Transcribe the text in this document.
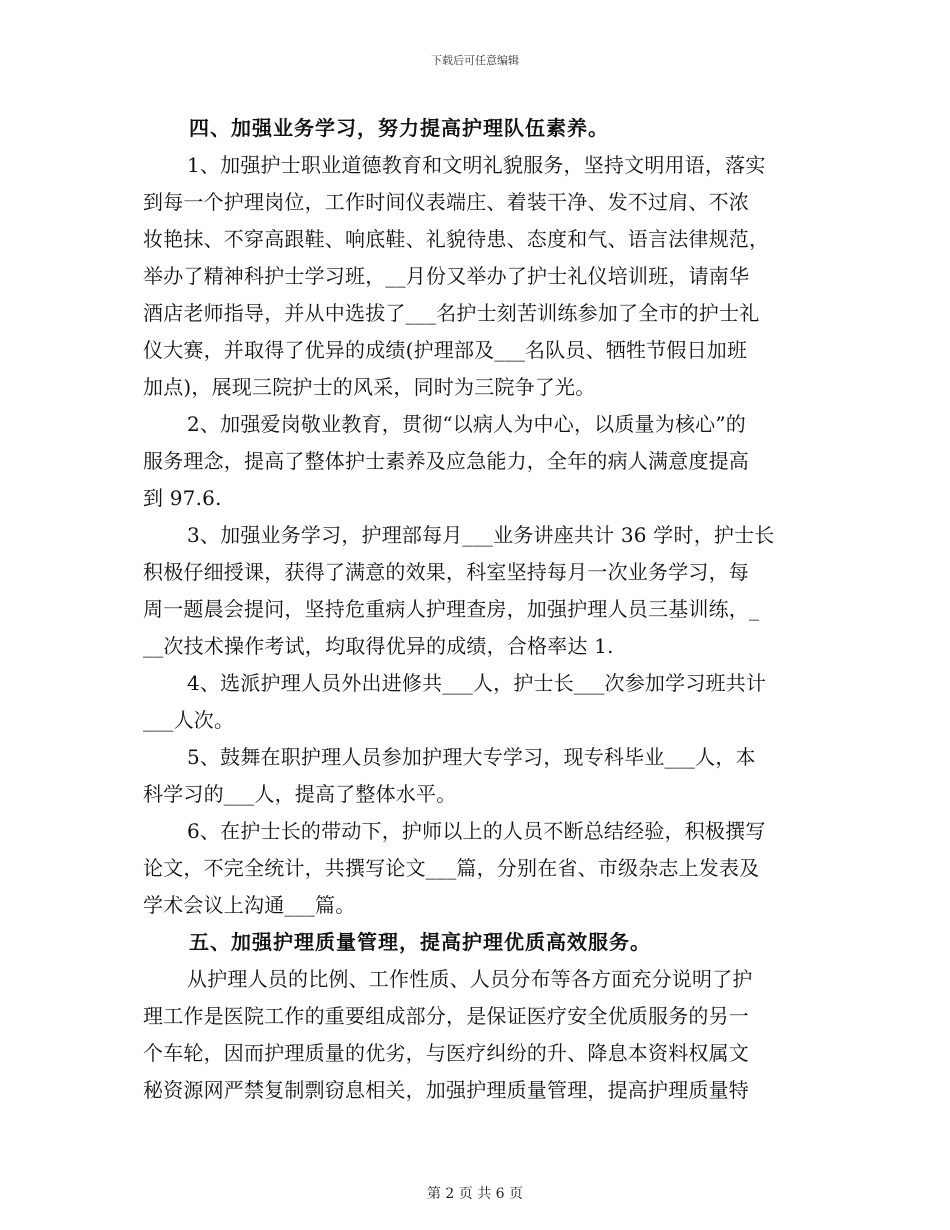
下载后可任意编辑
四、加强业务学习，努力提高护理队伍素养。
1、加强护士职业道德教育和文明礼貌服务，坚持文明用语，落实
到每一个护理岗位，工作时间仪表端庄、着装干净、发不过肩、不浓
妆艳抹、不穿高跟鞋、响底鞋、礼貌待患、态度和气、语言法律规范，
举办了精神科护士学习班，__月份又举办了护士礼仪培训班，请南华
酒店老师指导，并从中选拔了___名护士刻苦训练参加了全市的护士礼
仪大赛，并取得了优异的成绩(护理部及___名队员、牺牲节假日加班
加点)，展现三院护士的风采，同时为三院争了光。
2、加强爱岗敬业教育，贯彻“以病人为中心，以质量为核心”的
服务理念，提高了整体护士素养及应急能力，全年的病人满意度提高
到 97.6.
3、加强业务学习，护理部每月___业务讲座共计 36 学时，护士长
积极仔细授课，获得了满意的效果，科室坚持每月一次业务学习，每
周一题晨会提问，坚持危重病人护理查房，加强护理人员三基训练，_
__次技术操作考试，均取得优异的成绩，合格率达 1.
4、选派护理人员外出进修共___人，护士长___次参加学习班共计
___人次。
5、鼓舞在职护理人员参加护理大专学习，现专科毕业___人，本
科学习的___人，提高了整体水平。
6、在护士长的带动下，护师以上的人员不断总结经验，积极撰写
论文，不完全统计，共撰写论文___篇，分别在省、市级杂志上发表及
学术会议上沟通___篇。
五、加强护理质量管理，提高护理优质高效服务。
从护理人员的比例、工作性质、人员分布等各方面充分说明了护
理工作是医院工作的重要组成部分，是保证医疗安全优质服务的另一
个车轮，因而护理质量的优劣，与医疗纠纷的升、降息本资料权属文
秘资源网严禁复制剽窃息相关，加强护理质量管理，提高护理质量特
第 2 页 共 6 页
